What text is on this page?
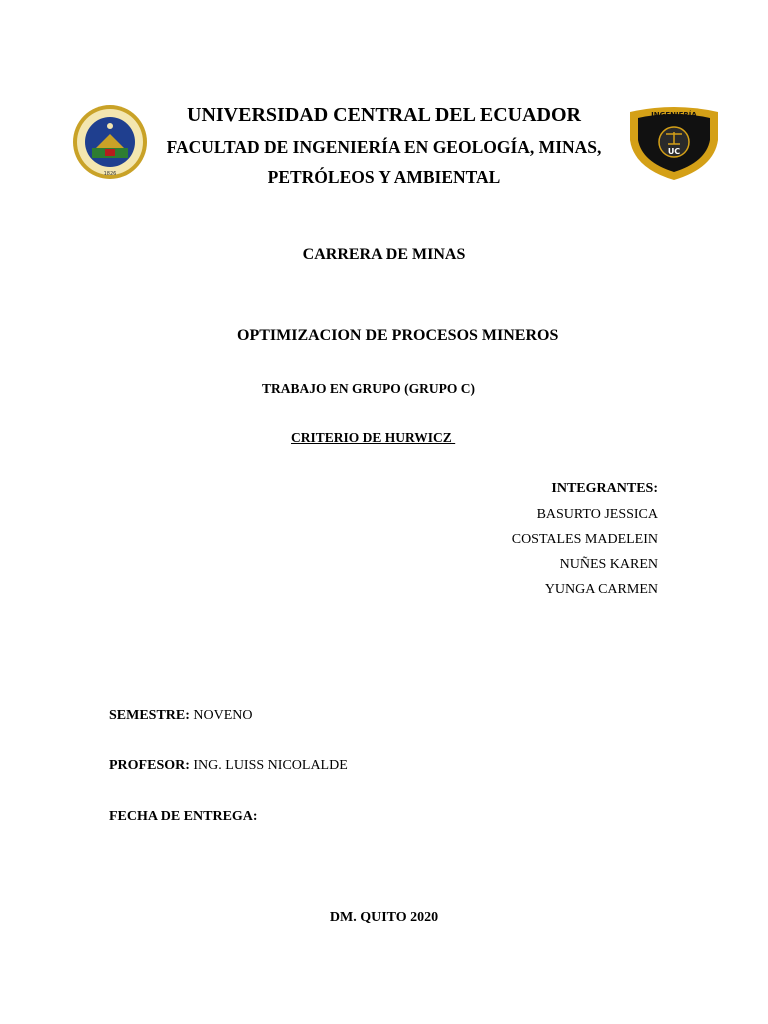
1826
INGENIERÍA
UC
UNIVERSIDAD CENTRAL DEL ECUADOR
FACULTAD DE INGENIERÍA EN GEOLOGÍA, MINAS,
PETRÓLEOS Y AMBIENTAL
CARRERA DE MINAS
OPTIMIZACION DE PROCESOS MINEROS
TRABAJO EN GRUPO (GRUPO C)
CRITERIO DE HURWICZ
INTEGRANTES:
BASURTO JESSICA
COSTALES MADELEIN
NUÑES KAREN
YUNGA CARMEN
SEMESTRE: NOVENO
PROFESOR: ING. LUISS NICOLALDE
FECHA DE ENTREGA:
DM. QUITO 2020
